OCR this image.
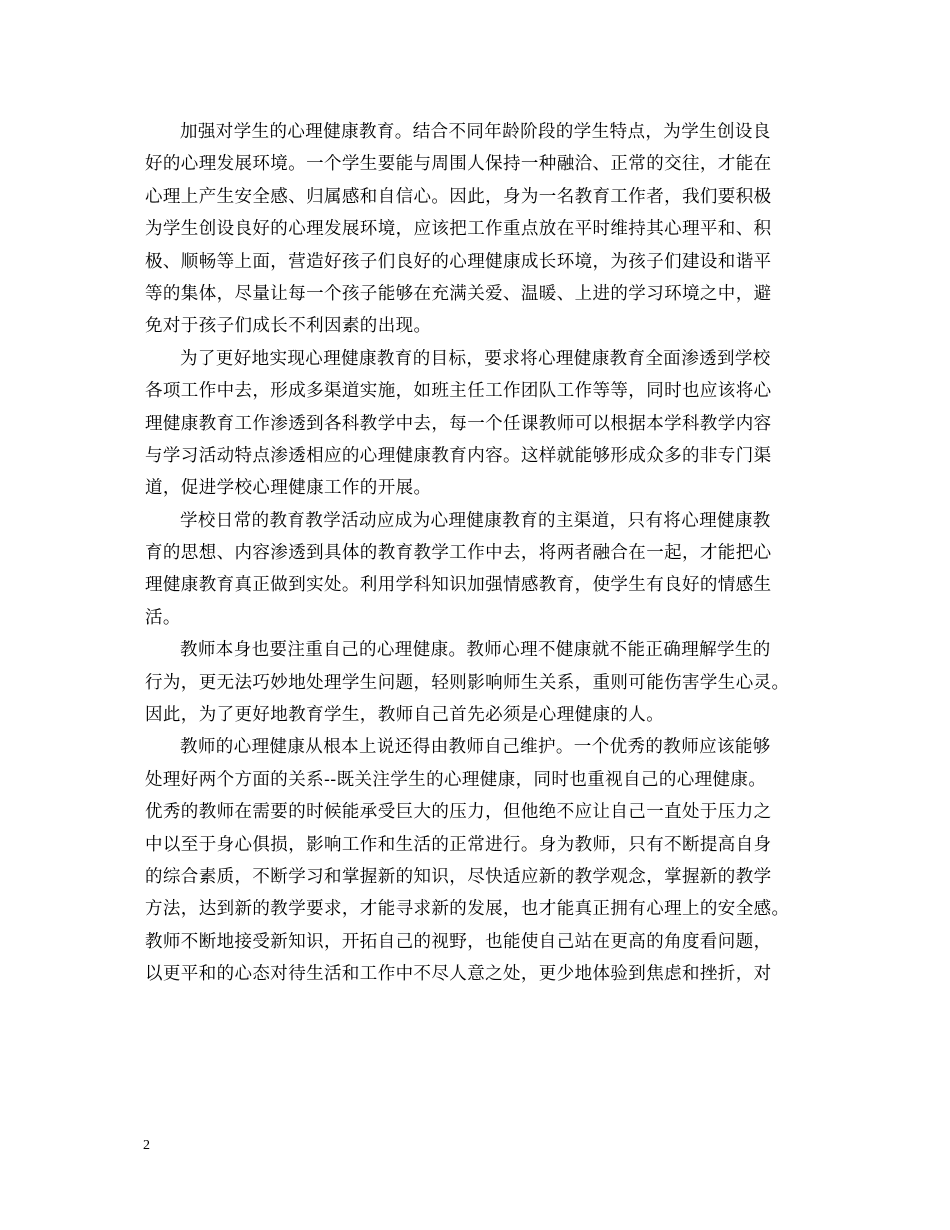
加强对学生的心理健康教育。结合不同年龄阶段的学生特点，为学生创设良
好的心理发展环境。一个学生要能与周围人保持一种融洽、正常的交往，才能在
心理上产生安全感、归属感和自信心。因此，身为一名教育工作者，我们要积极
为学生创设良好的心理发展环境，应该把工作重点放在平时维持其心理平和、积
极、顺畅等上面，营造好孩子们良好的心理健康成长环境，为孩子们建设和谐平
等的集体，尽量让每一个孩子能够在充满关爱、温暖、上进的学习环境之中，避
免对于孩子们成长不利因素的出现。
为了更好地实现心理健康教育的目标，要求将心理健康教育全面渗透到学校
各项工作中去，形成多渠道实施，如班主任工作团队工作等等，同时也应该将心
理健康教育工作渗透到各科教学中去，每一个任课教师可以根据本学科教学内容
与学习活动特点渗透相应的心理健康教育内容。这样就能够形成众多的非专门渠
道，促进学校心理健康工作的开展。
学校日常的教育教学活动应成为心理健康教育的主渠道，只有将心理健康教
育的思想、内容渗透到具体的教育教学工作中去，将两者融合在一起，才能把心
理健康教育真正做到实处。利用学科知识加强情感教育，使学生有良好的情感生
活。
教师本身也要注重自己的心理健康。教师心理不健康就不能正确理解学生的
行为，更无法巧妙地处理学生问题，轻则影响师生关系，重则可能伤害学生心灵。
因此，为了更好地教育学生，教师自己首先必须是心理健康的人。
教师的心理健康从根本上说还得由教师自己维护。一个优秀的教师应该能够
处理好两个方面的关系--既关注学生的心理健康，同时也重视自己的心理健康。
优秀的教师在需要的时候能承受巨大的压力，但他绝不应让自己一直处于压力之
中以至于身心俱损，影响工作和生活的正常进行。身为教师，只有不断提高自身
的综合素质，不断学习和掌握新的知识，尽快适应新的教学观念，掌握新的教学
方法，达到新的教学要求，才能寻求新的发展，也才能真正拥有心理上的安全感。
教师不断地接受新知识，开拓自己的视野，也能使自己站在更高的角度看问题，
以更平和的心态对待生活和工作中不尽人意之处，更少地体验到焦虑和挫折，对
2
